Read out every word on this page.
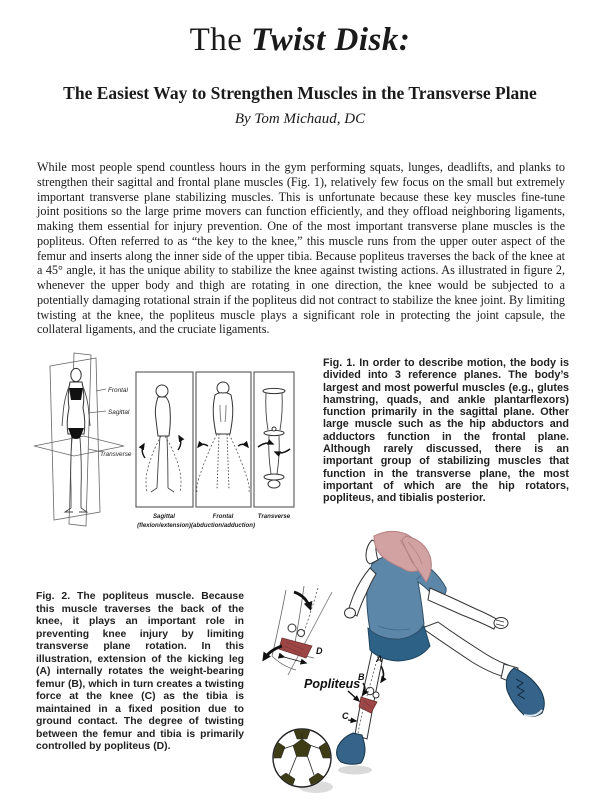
The Twist Disk:
The Easiest Way to Strengthen Muscles in the Transverse Plane
By Tom Michaud, DC

While most people spend countless hours in the gym performing squats, lunges, deadlifts, and planks to strengthen their sagittal and frontal plane muscles (Fig. 1), relatively few focus on the small but extremely important transverse plane stabilizing muscles. This is unfortunate because these key muscles fine-tune joint positions so the large prime movers can function efficiently, and they offload neighboring ligaments, making them essential for injury prevention. One of the most important transverse plane muscles is the popliteus. Often referred to as “the key to the knee,” this muscle runs from the upper outer aspect of the femur and inserts along the inner side of the upper tibia. Because popliteus traverses the back of the knee at a 45° angle, it has the unique ability to stabilize the knee against twisting actions. As illustrated in figure 2, whenever the upper body and thigh are rotating in one direction, the knee would be subjected to a potentially damaging rotational strain if the popliteus did not contract to stabilize the knee joint. By limiting twisting at the knee, the popliteus muscle plays a significant role in protecting the joint capsule, the collateral ligaments, and the cruciate ligaments.

Frontal
Sagittal
Transverse
Sagittal
(flexion/extension)
Frontal
(abduction/adduction)
Transverse

Fig. 1. In order to describe motion, the body is divided into 3 reference planes. The body’s largest and most powerful muscles (e.g., glutes hamstring, quads, and ankle plantarflexors) function primarily in the sagittal plane. Other large muscle such as the hip abductors and adductors function in the frontal plane. Although rarely discussed, there is an important group of stabilizing muscles that function in the transverse plane, the most important of which are the hip rotators, popliteus, and tibialis posterior.

Fig. 2. The popliteus muscle. Because this muscle traverses the back of the knee, it plays an important role in preventing knee injury by limiting transverse plane rotation. In this illustration, extension of the kicking leg (A) internally rotates the weight-bearing femur (B), which in turn creates a twisting force at the knee (C) as the tibia is maintained in a fixed position due to ground contact. The degree of twisting between the femur and tibia is primarily controlled by popliteus (D).

D
A
B
C
Popliteus
